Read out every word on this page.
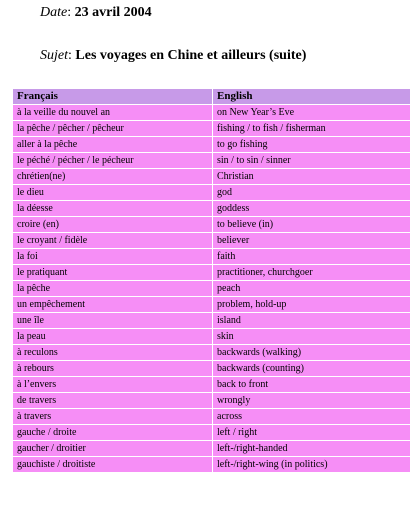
Date: 23 avril 2004
Sujet: Les voyages en Chine et ailleurs (suite)
Français	English
à la veille du nouvel an	on New Year’s Eve
la pêche / pêcher / pêcheur	fishing / to fish / fisherman
aller à la pêche	to go fishing
le péché / pécher / le pécheur	sin / to sin / sinner
chrétien(ne)	Christian
le dieu	god
la déesse	goddess
croire (en)	to believe (in)
le croyant / fidèle	believer
la foi	faith
le pratiquant	practitioner, churchgoer
la pêche	peach
un empêchement	problem, hold-up
une île	island
la peau	skin
à reculons	backwards (walking)
à rebours	backwards (counting)
à l’envers	back to front
de travers	wrongly
à travers	across
gauche / droite	left / right
gaucher / droitier	left-/right-handed
gauchiste / droitiste	left-/right-wing (in politics)
